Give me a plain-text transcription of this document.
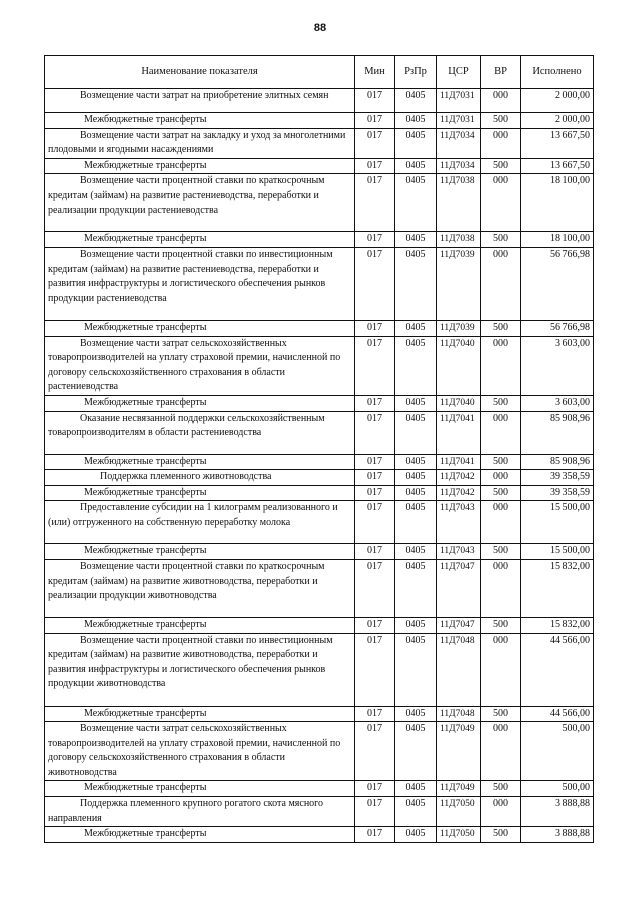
88
Наименование показателя	Мин	РзПр	ЦСР	ВР	Исполнено

Возмещение части затрат на приобретение элитных семян	017	0405	11Д7031	000	2 000,00

Межбюджетные трансферты	017	0405	11Д7031	500	2 000,00

Возмещение части затрат на закладку и уход за многолетними плодовыми и ягодными насаждениями	017	0405	11Д7034	000	13 667,50

Межбюджетные трансферты	017	0405	11Д7034	500	13 667,50

Возмещение части процентной ставки по краткосрочным кредитам (займам) на развитие растениеводства, переработки и реализации продукции растениеводства	017	0405	11Д7038	000	18 100,00

Межбюджетные трансферты	017	0405	11Д7038	500	18 100,00

Возмещение части процентной ставки по инвестиционным кредитам (займам) на развитие растениеводства, переработки и развития инфраструктуры и логистического обеспечения рынков продукции растениеводства	017	0405	11Д7039	000	56 766,98

Межбюджетные трансферты	017	0405	11Д7039	500	56 766,98

Возмещение части затрат сельскохозяйственных товаропроизводителей на уплату страховой премии, начисленной по договору сельскохозяйственного страхования в области растениеводства	017	0405	11Д7040	000	3 603,00

Межбюджетные трансферты	017	0405	11Д7040	500	3 603,00

Оказание несвязанной поддержки сельскохозяйственным товаропроизводителям в области растениеводства	017	0405	11Д7041	000	85 908,96

Межбюджетные трансферты	017	0405	11Д7041	500	85 908,96

Поддержка племенного животноводства	017	0405	11Д7042	000	39 358,59

Межбюджетные трансферты	017	0405	11Д7042	500	39 358,59

Предоставление субсидии на 1 килограмм реализованного и (или) отгруженного на собственную переработку молока	017	0405	11Д7043	000	15 500,00

Межбюджетные трансферты	017	0405	11Д7043	500	15 500,00

Возмещение части процентной ставки по краткосрочным кредитам (займам) на развитие животноводства, переработки и реализации продукции животноводства	017	0405	11Д7047	000	15 832,00

Межбюджетные трансферты	017	0405	11Д7047	500	15 832,00

Возмещение части процентной ставки по инвестиционным кредитам (займам) на развитие животноводства, переработки и развития инфраструктуры и логистического обеспечения рынков продукции животноводства	017	0405	11Д7048	000	44 566,00

Межбюджетные трансферты	017	0405	11Д7048	500	44 566,00

Возмещение части затрат сельскохозяйственных товаропроизводителей на уплату страховой премии, начисленной по договору сельскохозяйственного страхования в области животноводства	017	0405	11Д7049	000	500,00

Межбюджетные трансферты	017	0405	11Д7049	500	500,00

Поддержка племенного крупного рогатого скота мясного направления	017	0405	11Д7050	000	3 888,88

Межбюджетные трансферты	017	0405	11Д7050	500	3 888,88
